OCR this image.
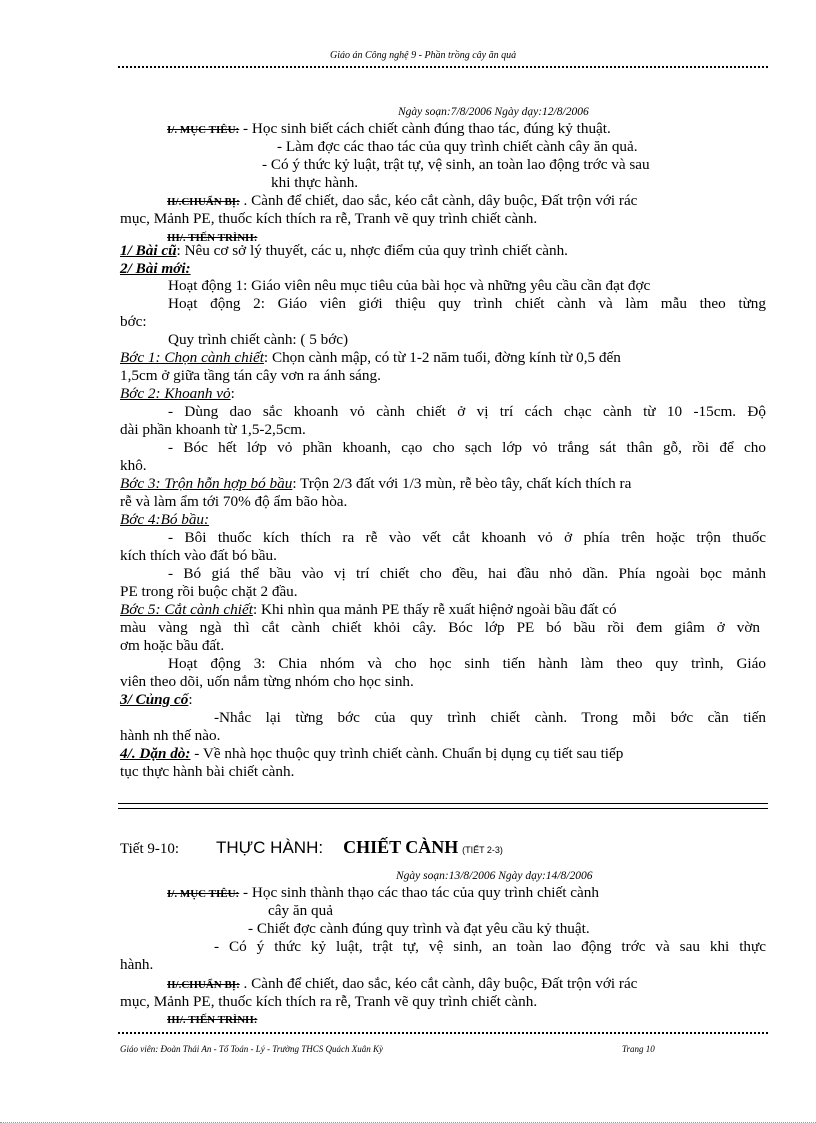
Giáo án Công nghệ 9 - Phần trồng cây ăn quả
Ngày soạn:7/8/2006 Ngày dạy:12/8/2006
I/. MỤC TIÊU: - Học sinh biết cách chiết cành đúng thao tác, đúng kỷ thuật.
- Làm đợc các thao tác của quy trình chiết cành cây ăn quả.
- Có ý thức kỷ luật, trật tự, vệ sinh, an toàn lao động trớc và sau
khi thực hành.
II/.CHUẨN BỊ: . Cành để chiết, dao sắc, kéo cắt cành, dây buộc, Đất trộn với rác
mục, Mảnh PE, thuốc kích thích ra rễ, Tranh vẽ quy trình chiết cành.
III/. TIẾN TRÌNH:
1/ Bài cũ: Nêu cơ sở lý thuyết, các u, nhợc điểm của quy trình chiết cành.
2/ Bài mới:
Hoạt động 1: Giáo viên nêu mục tiêu của bài học và những yêu cầu cần đạt đợc
Hoạt động 2: Giáo viên giới thiệu quy trình chiết cành và làm mẫu theo từng
bớc:
Quy trình chiết cành: ( 5 bớc)
Bớc 1: Chọn cành chiết: Chọn cành mập, có từ 1-2 năm tuổi, đờng kính từ 0,5 đến
1,5cm ở giữa tầng tán cây vơn ra ánh sáng.
Bớc 2: Khoanh vỏ:
- Dùng dao sắc khoanh vỏ cành chiết ở vị trí cách chạc cành từ 10 -15cm. Độ
dài phần khoanh từ 1,5-2,5cm.
- Bóc hết lớp vỏ phần khoanh, cạo cho sạch lớp vỏ trắng sát thân gỗ, rồi để cho
khô.
Bớc 3: Trộn hỗn hợp bó bầu: Trộn 2/3 đất với 1/3 mùn, rễ bèo tây, chất kích thích ra
rễ và làm ẩm tới 70% độ ẩm bão hòa.
Bớc 4:Bó bầu:
- Bôi thuốc kích thích ra rễ vào vết cắt khoanh vỏ ở phía trên hoặc trộn thuốc
kích thích vào đất bó bầu.
- Bó giá thể bầu vào vị trí chiết cho đều, hai đầu nhỏ dần. Phía ngoài bọc mảnh
PE trong rồi buộc chặt 2 đầu.
Bớc 5: Cắt cành chiết: Khi nhìn qua mảnh PE thấy rễ xuất hiệnở ngoài bầu đất có
màu vàng ngà thì cắt cành chiết khỏi cây. Bóc lớp PE bó bầu rồi đem giâm ở vờn
ơm hoặc bầu đất.
Hoạt động 3: Chia nhóm và cho học sinh tiến hành làm theo quy trình, Giáo
viên theo dõi, uốn nắm từng nhóm cho học sinh.
3/ Củng cố:
-Nhắc lại từng bớc của quy trình chiết cành. Trong mỗi bớc cần tiến
hành nh thế nào.
4/. Dặn dò: - Về nhà học thuộc quy trình chiết cành. Chuẩn bị dụng cụ tiết sau tiếp
tục thực hành bài chiết cành.
Tiết 9-10: THỰC HÀNH: CHIẾT CÀNH (TIẾT 2-3)
Ngày soạn:13/8/2006 Ngày dạy:14/8/2006
I/. MỤC TIÊU: - Học sinh thành thạo các thao tác của quy trình chiết cành
cây ăn quả
- Chiết đợc cành đúng quy trình và đạt yêu cầu kỷ thuật.
- Có ý thức kỷ luật, trật tự, vệ sinh, an toàn lao động trớc và sau khi thực
hành.
II/.CHUẨN BỊ: . Cành để chiết, dao sắc, kéo cắt cành, dây buộc, Đất trộn với rác
mục, Mảnh PE, thuốc kích thích ra rễ, Tranh vẽ quy trình chiết cành.
III/. TIẾN TRÌNH:
Giáo viên: Đoàn Thái An - Tổ Toán - Lý - Trường THCS Quách Xuân Kỳ	Trang 10
